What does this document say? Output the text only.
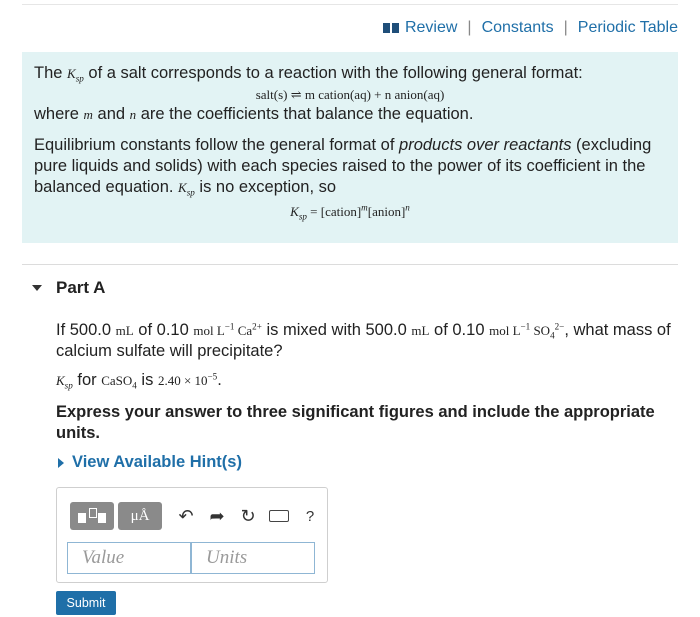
Review | Constants | Periodic Table

The $K_{sp}$ of a salt corresponds to a reaction with the following general format:

salt(s) ⇌ m cation(aq) + n anion(aq)

where m and n are the coefficients that balance the equation.

Equilibrium constants follow the general format of products over reactants (excluding pure liquids and solids) with each species raised to the power of its coefficient in the balanced equation. $K_{sp}$ is no exception, so

$K_{sp}$ = [cation]$^m$[anion]$^n$
Part A

If 500.0 mL of 0.10 mol $L^{-1}$ $Ca^{2+}$ is mixed with 500.0 mL of 0.10 mol $L^{-1}$ $SO_4^{2-}$, what mass of calcium sulfate will precipitate?

$K_{sp}$ for CaSO$_4$ is $2.40 \times 10^{-5}$.

Express your answer to three significant figures and include the appropriate units.

View Available Hint(s)

μÅ ↶ ➦ ↻	?
Value
Units
Submit
